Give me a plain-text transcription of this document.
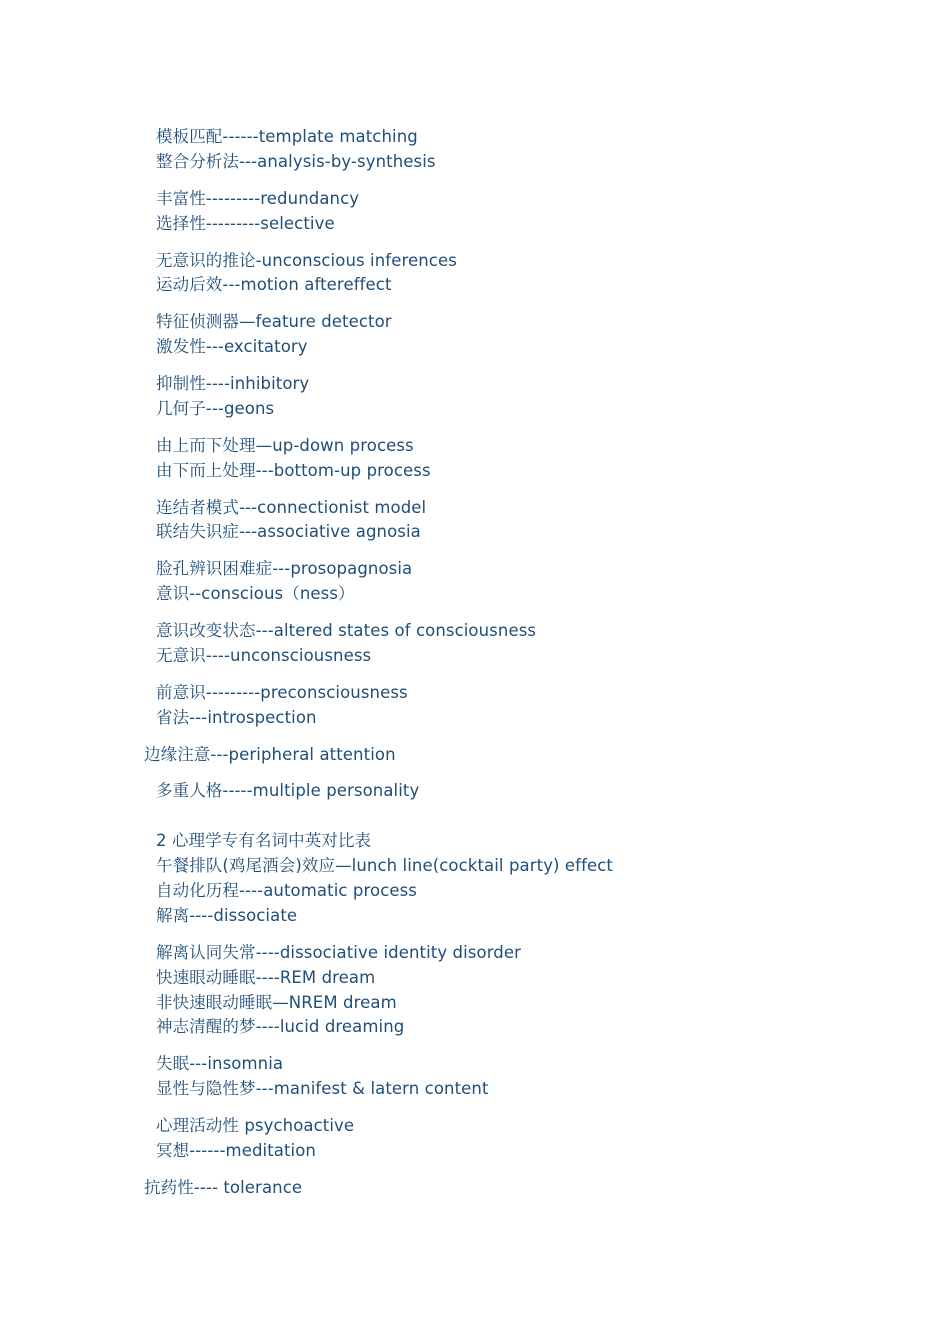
模板匹配------template matching
整合分析法---analysis-by-synthesis
丰富性---------redundancy
选择性---------selective
无意识的推论-unconscious inferences
运动后效---motion aftereffect
特征侦测器—feature detector
激发性---excitatory
抑制性----inhibitory
几何子---geons
由上而下处理—up-down process
由下而上处理---bottom-up process
连结者模式---connectionist model
联结失识症---associative agnosia
脸孔辨识困难症---prosopagnosia
意识--conscious（ness）
意识改变状态---altered states of consciousness
无意识----unconsciousness
前意识---------preconsciousness
省法---introspection
边缘注意---peripheral attention
多重人格-----multiple personality
2 心理学专有名词中英对比表
午餐排队(鸡尾酒会)效应—lunch line(cocktail party) effect
自动化历程----automatic process
解离----dissociate
解离认同失常----dissociative identity disorder
快速眼动睡眠----REM dream
非快速眼动睡眠—NREM dream
神志清醒的梦----lucid dreaming
失眠---insomnia
显性与隐性梦---manifest & latern content
心理活动性 psychoactive
冥想------meditation
抗药性---- tolerance
